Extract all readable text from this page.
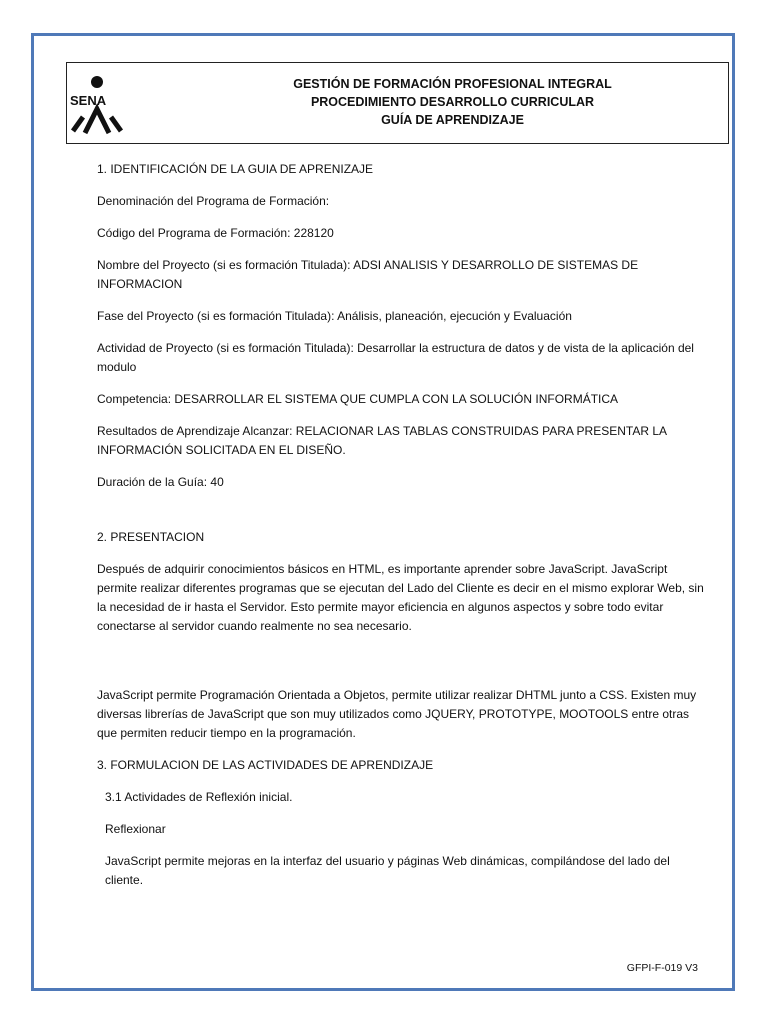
SENA
GESTIÓN DE FORMACIÓN PROFESIONAL INTEGRAL
PROCEDIMIENTO DESARROLLO CURRICULAR
GUÍA DE APRENDIZAJE

1. IDENTIFICACIÓN DE LA GUIA DE APRENIZAJE

Denominación del Programa de Formación:

Código del Programa de Formación: 228120

Nombre del Proyecto (si es formación Titulada): ADSI ANALISIS Y DESARROLLO DE SISTEMAS DE INFORMACION

Fase del Proyecto (si es formación Titulada): Análisis, planeación, ejecución y Evaluación

Actividad de Proyecto (si es formación Titulada): Desarrollar la estructura de datos y de vista de la aplicación del modulo

Competencia: DESARROLLAR EL SISTEMA QUE CUMPLA CON LA SOLUCIÓN INFORMÁTICA

Resultados de Aprendizaje Alcanzar: RELACIONAR LAS TABLAS CONSTRUIDAS PARA PRESENTAR LA INFORMACIÓN SOLICITADA EN EL DISEÑO.

Duración de la Guía: 40

2. PRESENTACION

Después de adquirir conocimientos básicos en HTML, es importante aprender sobre JavaScript. JavaScript permite realizar diferentes programas que se ejecutan del Lado del Cliente es decir en el mismo explorar Web, sin la necesidad de ir hasta el Servidor. Esto permite mayor eficiencia en algunos aspectos y sobre todo evitar conectarse al servidor cuando realmente no sea necesario.

JavaScript permite Programación Orientada a Objetos, permite utilizar realizar DHTML junto a CSS. Existen muy diversas librerías de JavaScript que son muy utilizados como JQUERY, PROTOTYPE, MOOTOOLS entre otras que permiten reducir tiempo en la programación.

3. FORMULACION DE LAS ACTIVIDADES DE APRENDIZAJE

3.1 Actividades de Reflexión inicial.

Reflexionar

JavaScript permite mejoras en la interfaz del usuario y páginas Web dinámicas, compilándose del lado del cliente.

GFPI-F-019 V3
